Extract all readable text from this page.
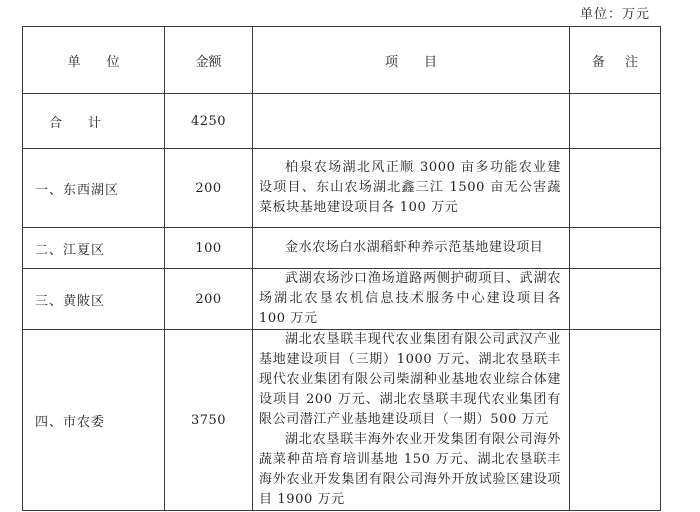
单位：万元
单位	金额	项目	备注
合计	4250		
一、东西湖区	200	柏泉农场湖北风正顺 3000 亩多功能农业建设项目、东山农场湖北鑫三江 1500 亩无公害蔬菜板块基地建设项目各 100 万元	

二、江夏区	100	金水农场白水湖稻虾种养示范基地建设项目	

三、黄陂区	200	武湖农场沙口渔场道路两侧护砌项目、武湖农场湖北农垦农机信息技术服务中心建设项目各 100 万元	

四、市农委	3750	湖北农垦联丰现代农业集团有限公司武汉产业基地建设项目（三期）1000 万元、湖北农垦联丰现代农业集团有限公司柴湖种业基地农业综合体建设项目 200 万元、湖北农垦联丰现代农业集团有限公司潜江产业基地建设项目（一期）500 万元
湖北农垦联丰海外农业开发集团有限公司海外蔬菜种苗培育培训基地 150 万元、湖北农垦联丰海外农业开发集团有限公司海外开放试验区建设项目 1900 万元	
